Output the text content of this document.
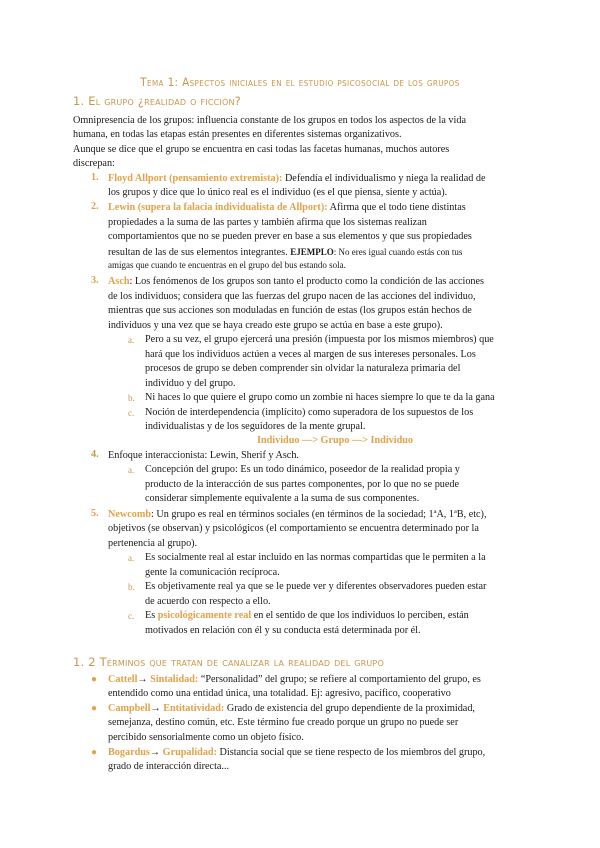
Tema 1: Aspectos iniciales en el estudio psicosocial de los grupos
1. El grupo ¿realidad o ficción?
Omnipresencia de los grupos: influencia constante de los grupos en todos los aspectos de la vida
humana, en todas las etapas están presentes en diferentes sistemas organizativos.
Aunque se dice que el grupo se encuentra en casi todas las facetas humanas, muchos autores
discrepan:
1. Floyd Allport (pensamiento extremista): Defendía el individualismo y niega la realidad de
los grupos y dice que lo único real es el individuo (es el que piensa, siente y actúa).
2. Lewin (supera la falacia individualista de Allport): Afirma que el todo tiene distintas
propiedades a la suma de las partes y también afirma que los sistemas realizan
comportamientos que no se pueden prever en base a sus elementos y que sus propiedades
resultan de las de sus elementos integrantes. EJEMPLO: No eres igual cuando estás con tus
amigas que cuando te encuentras en el grupo del bus estando sola.
3. Asch: Los fenómenos de los grupos son tanto el producto como la condición de las acciones
de los individuos; considera que las fuerzas del grupo nacen de las acciones del individuo,
mientras que sus acciones son moduladas en función de estas (los grupos están hechos de
individuos y una vez que se haya creado este grupo se actúa en base a este grupo).
a. Pero a su vez, el grupo ejercerá una presión (impuesta por los mismos miembros) que
hará que los individuos actúen a veces al margen de sus intereses personales. Los
procesos de grupo se deben comprender sin olvidar la naturaleza primaria del
individuo y del grupo.
b. Ni haces lo que quiere el grupo como un zombie ni haces siempre lo que te da la gana
c. Noción de interdependencia (implícito) como superadora de los supuestos de los
individualistas y de los seguidores de la mente grupal.
Individuo —> Grupo —> Individuo
4. Enfoque interaccionista: Lewin, Sherif y Asch.
a. Concepción del grupo: Es un todo dinámico, poseedor de la realidad propia y
producto de la interacción de sus partes componentes, por lo que no se puede
considerar simplemente equivalente a la suma de sus componentes.
5. Newcomb: Un grupo es real en términos sociales (en términos de la sociedad; 1ªA, 1ªB, etc),
objetivos (se observan) y psicológicos (el comportamiento se encuentra determinado por la
pertenencia al grupo).
a. Es socialmente real al estar incluido en las normas compartidas que le permiten a la
gente la comunicación recíproca.
b. Es objetivamente real ya que se le puede ver y diferentes observadores pueden estar
de acuerdo con respecto a ello.
c. Es psicológicamente real en el sentido de que los individuos lo perciben, están
motivados en relación con él y su conducta está determinada por él.
1. 2 Términos que tratan de canalizar la realidad del grupo
● Cattell→ Sintalidad: “Personalidad” del grupo; se refiere al comportamiento del grupo, es
entendido como una entidad única, una totalidad. Ej: agresivo, pacífico, cooperativo
● Campbell→ Entitatividad: Grado de existencia del grupo dependiente de la proximidad,
semejanza, destino común, etc. Este término fue creado porque un grupo no puede ser
percibido sensorialmente como un objeto físico.
● Bogardus→ Grupalidad: Distancia social que se tiene respecto de los miembros del grupo,
grado de interacción directa...
